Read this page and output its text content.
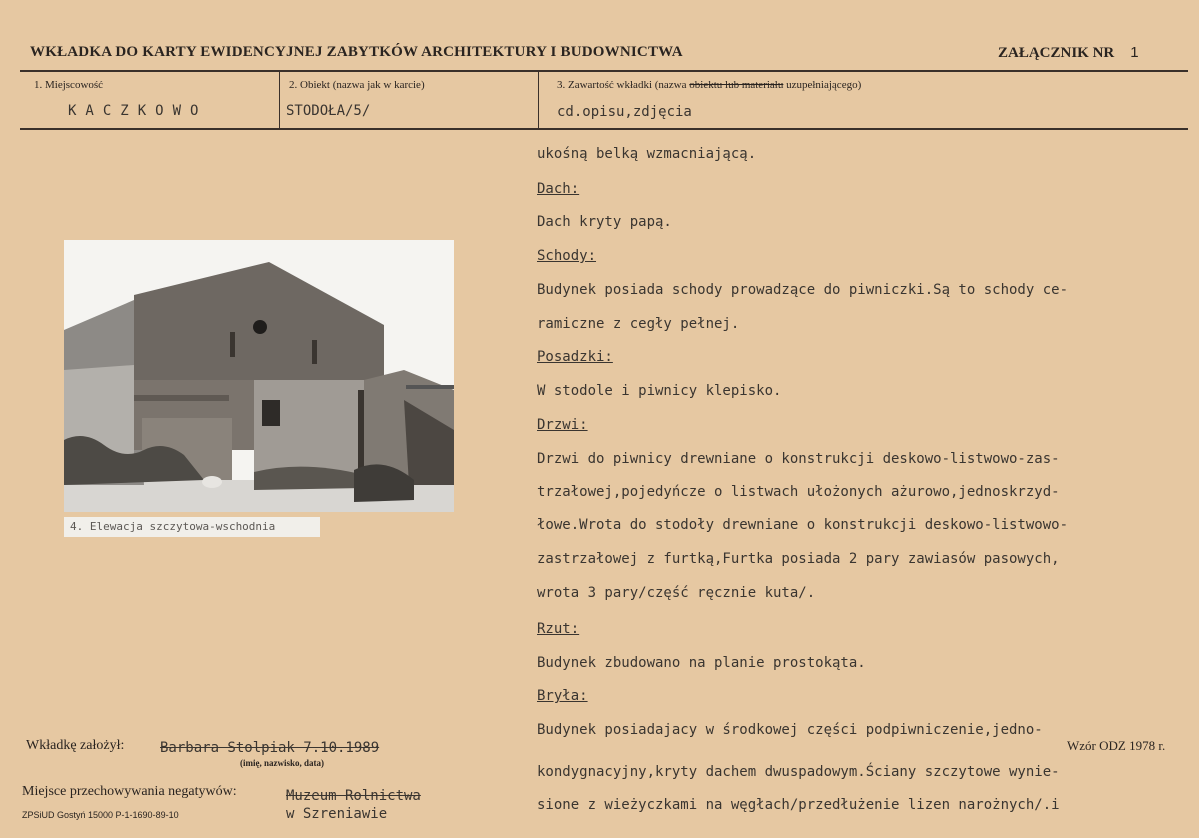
WKŁADKA DO KARTY EWIDENCYJNEJ ZABYTKÓW ARCHITEKTURY I BUDOWNICTWA	ZAŁĄCZNIK NR 1
1. Miejscowość
KACZKOWO
2. Obiekt (nazwa jak w karcie)
STODOŁA/5/
3. Zawartość wkładki (nazwa obiektu lub materiału uzupełniającego)
cd.opisu,zdjęcia
4. Elewacja szczytowa-wschodnia
ukośną belką wzmacniającą.
Dach:
Dach kryty papą.
Schody:
Budynek posiada schody prowadzące do piwniczki.Są to schody ce-
ramiczne z cegły pełnej.
Posadzki:
W stodole i piwnicy klepisko.
Drzwi:
Drzwi do piwnicy drewniane o konstrukcji deskowo-listwowo-zas-
trzałowej,pojedyńcze o listwach ułożonych ażurowo,jednoskrzyd-
łowe.Wrota do stodoły drewniane o konstrukcji deskowo-listwowo-
zastrzałowej z furtką,Furtka posiada 2 pary zawiasów pasowych,
wrota 3 pary/część ręcznie kuta/.
Rzut:
Budynek zbudowano na planie prostokąta.
Bryła:
Budynek posiadajacy w środkowej części podpiwniczenie,jedno-
kondygnacyjny,kryty dachem dwuspadowym.Ściany szczytowe wynie-
sione z wieżyczkami na węgłach/przedłużenie lizen narożnych/.i
Wkładkę założył:	Barbara Stolpiak 7.10.1989
(imię, nazwisko, data)
Wzór ODZ 1978 r.
Miejsce przechowywania negatywów:	Muzeum Rolnictwa
w Szreniawie
ZPSiUD Gostyń 15000 P-1-1690-89-10
